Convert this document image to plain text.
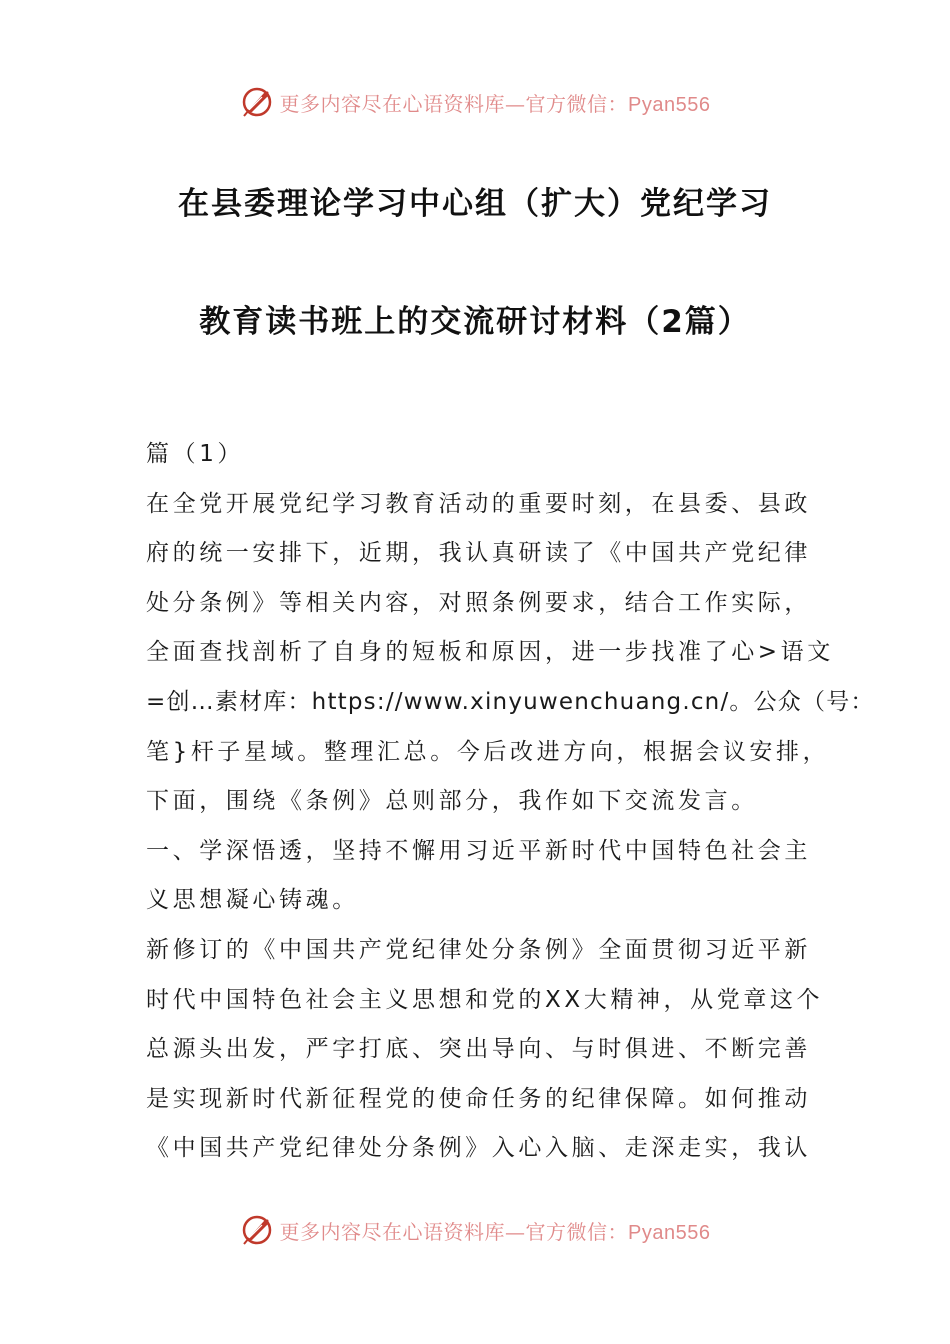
更多内容尽在心语资料库—官方微信：Pyan556
在县委理论学习中心组（扩大）党纪学习
教育读书班上的交流研讨材料（2篇）
篇（1）
在全党开展党纪学习教育活动的重要时刻，在县委、县政
府的统一安排下，近期，我认真研读了《中国共产党纪律
处分条例》等相关内容，对照条例要求，结合工作实际，
全面查找剖析了自身的短板和原因，进一步找准了心>语文
=创…素材库：https://www.xinyuwenchuang.cn/。公众（号：
笔}杆子星域。整理汇总。今后改进方向，根据会议安排，
下面，围绕《条例》总则部分，我作如下交流发言。
一、学深悟透，坚持不懈用习近平新时代中国特色社会主
义思想凝心铸魂。
新修订的《中国共产党纪律处分条例》全面贯彻习近平新
时代中国特色社会主义思想和党的XX大精神，从党章这个
总源头出发，严字打底、突出导向、与时俱进、不断完善
是实现新时代新征程党的使命任务的纪律保障。如何推动
《中国共产党纪律处分条例》入心入脑、走深走实，我认
更多内容尽在心语资料库—官方微信：Pyan556
